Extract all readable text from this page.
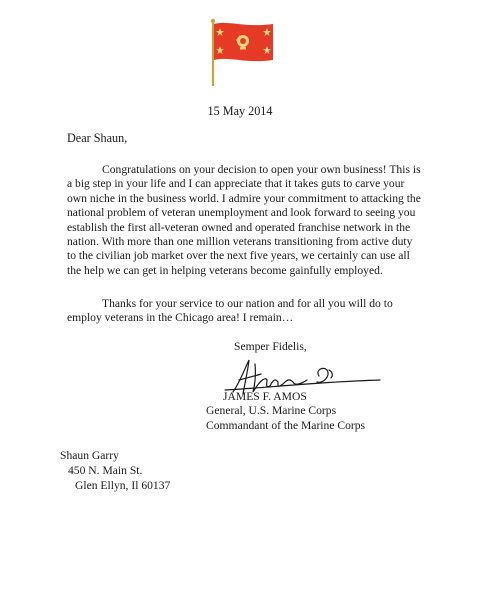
15 May 2014
Dear Shaun,

Congratulations on your decision to open your own business! This is a big step in your life and I can appreciate that it takes guts to carve your own niche in the business world. I admire your commitment to attacking the national problem of veteran unemployment and look forward to seeing you establish the first all-veteran owned and operated franchise network in the nation. With more than one million veterans transitioning from active duty to the civilian job market over the next five years, we certainly can use all the help we can get in helping veterans become gainfully employed.

Thanks for your service to our nation and for all you will do to employ veterans in the Chicago area! I remain…

Semper Fidelis,
JAMES F. AMOS
General, U.S. Marine Corps
Commandant of the Marine Corps
Shaun Garry
450 N. Main St.
Glen Ellyn, Il 60137
